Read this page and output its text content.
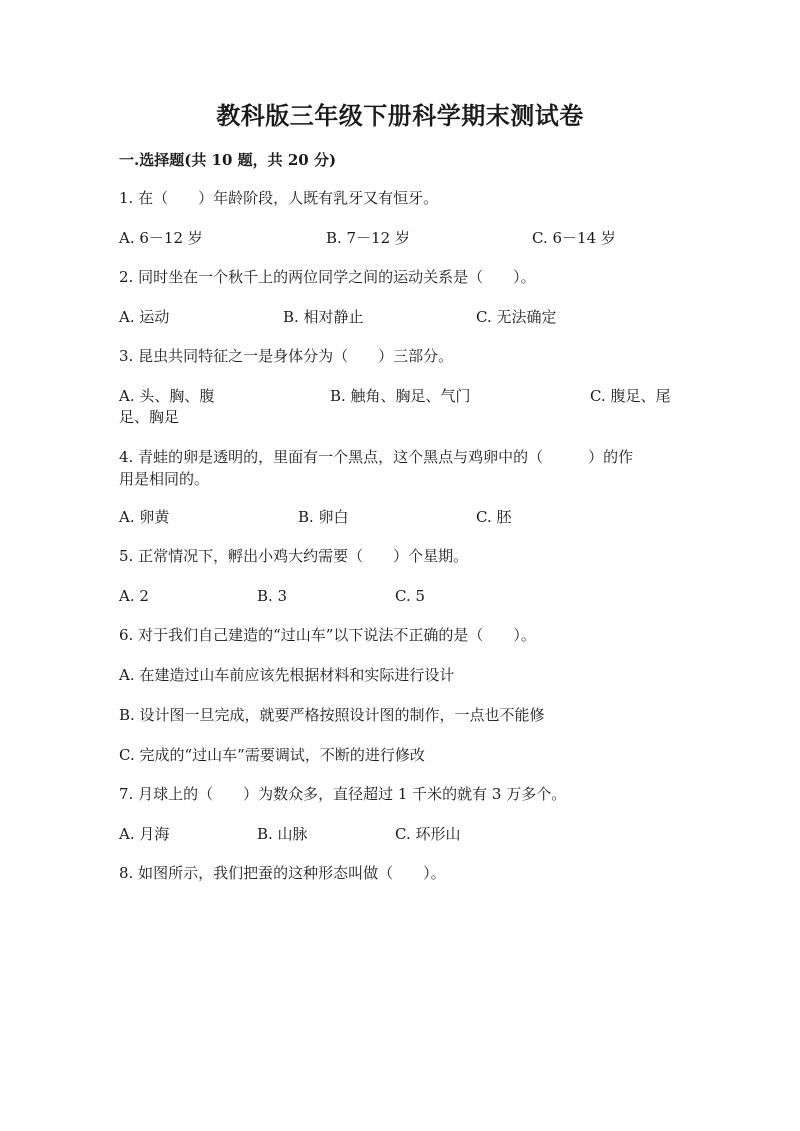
教科版三年级下册科学期末测试卷
一.选择题(共 10 题，共 20 分)
1. 在（　　）年龄阶段，人既有乳牙又有恒牙。
A. 6－12 岁	B. 7－12 岁	C. 6－14 岁
2. 同时坐在一个秋千上的两位同学之间的运动关系是（　　）。
A. 运动	B. 相对静止	C. 无法确定
3. 昆虫共同特征之一是身体分为（　　）三部分。
A. 头、胸、腹	B. 触角、胸足、气门	C. 腹足、尾
足、胸足
4. 青蛙的卵是透明的，里面有一个黑点，这个黑点与鸡卵中的（　　　）的作
用是相同的。
A. 卵黄	B. 卵白	C. 胚
5. 正常情况下，孵出小鸡大约需要（　　）个星期。
A. 2	B. 3	C. 5
6. 对于我们自己建造的“过山车”以下说法不正确的是（　　）。
A. 在建造过山车前应该先根据材料和实际进行设计
B. 设计图一旦完成，就要严格按照设计图的制作，一点也不能修
C. 完成的“过山车”需要调试，不断的进行修改
7. 月球上的（　　）为数众多，直径超过 1 千米的就有 3 万多个。
A. 月海	B. 山脉	C. 环形山
8. 如图所示，我们把蚕的这种形态叫做（　　）。
